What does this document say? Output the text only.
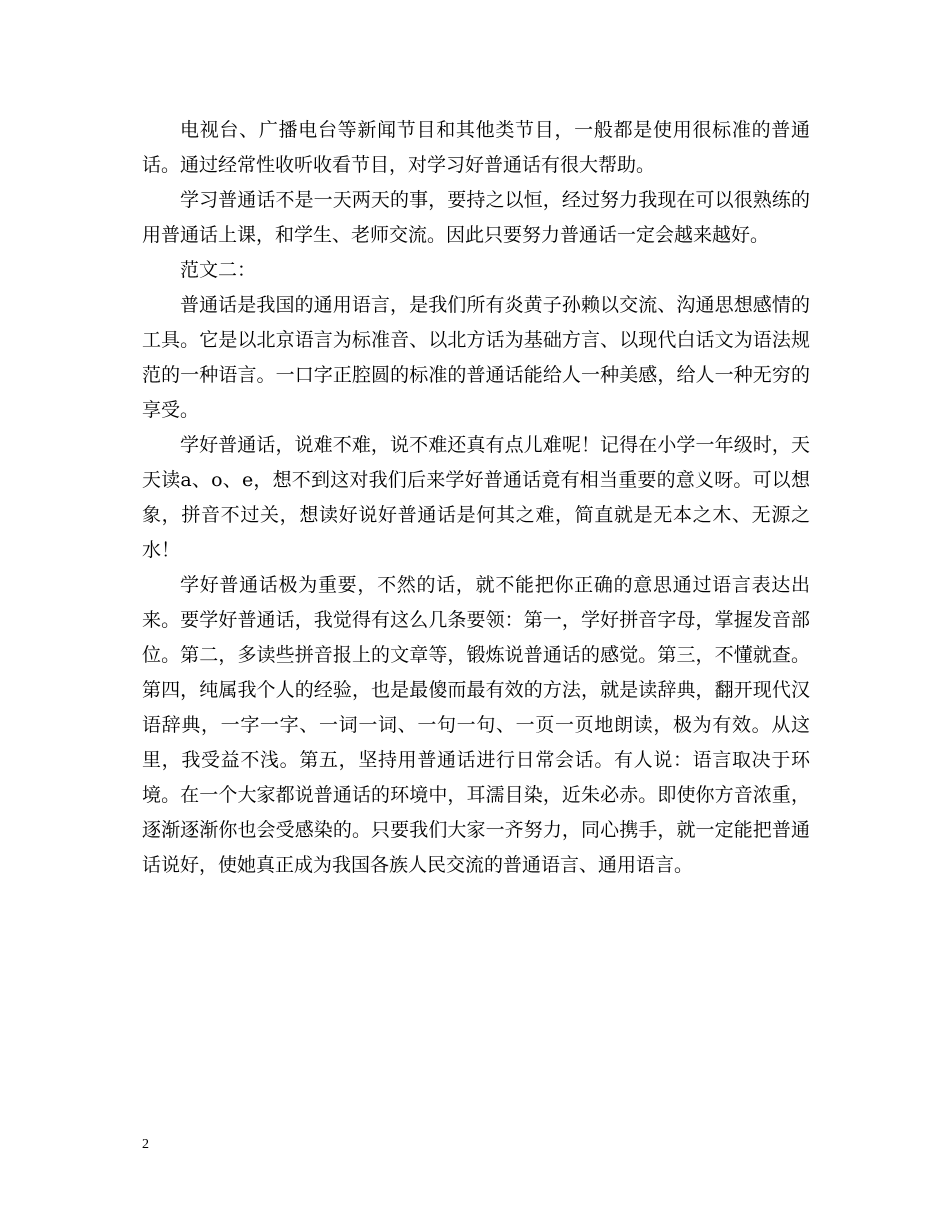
电视台、广播电台等新闻节目和其他类节目，一般都是使用很标准的普通话。通过经常性收听收看节目，对学习好普通话有很大帮助。

学习普通话不是一天两天的事，要持之以恒，经过努力我现在可以很熟练的用普通话上课，和学生、老师交流。因此只要努力普通话一定会越来越好。

范文二：

普通话是我国的通用语言，是我们所有炎黄子孙赖以交流、沟通思想感情的工具。它是以北京语言为标准音、以北方话为基础方言、以现代白话文为语法规范的一种语言。一口字正腔圆的标准的普通话能给人一种美感，给人一种无穷的享受。

学好普通话，说难不难，说不难还真有点儿难呢！记得在小学一年级时，天天读a、o、e，想不到这对我们后来学好普通话竟有相当重要的意义呀。可以想象，拼音不过关，想读好说好普通话是何其之难，简直就是无本之木、无源之水！

学好普通话极为重要，不然的话，就不能把你正确的意思通过语言表达出来。要学好普通话，我觉得有这么几条要领：第一，学好拼音字母，掌握发音部位。第二，多读些拼音报上的文章等，锻炼说普通话的感觉。第三，不懂就查。第四，纯属我个人的经验，也是最傻而最有效的方法，就是读辞典，翻开现代汉语辞典，一字一字、一词一词、一句一句、一页一页地朗读，极为有效。从这里，我受益不浅。第五，坚持用普通话进行日常会话。有人说：语言取决于环境。在一个大家都说普通话的环境中，耳濡目染，近朱必赤。即使你方音浓重，逐渐逐渐你也会受感染的。只要我们大家一齐努力，同心携手，就一定能把普通话说好，使她真正成为我国各族人民交流的普通语言、通用语言。

2
